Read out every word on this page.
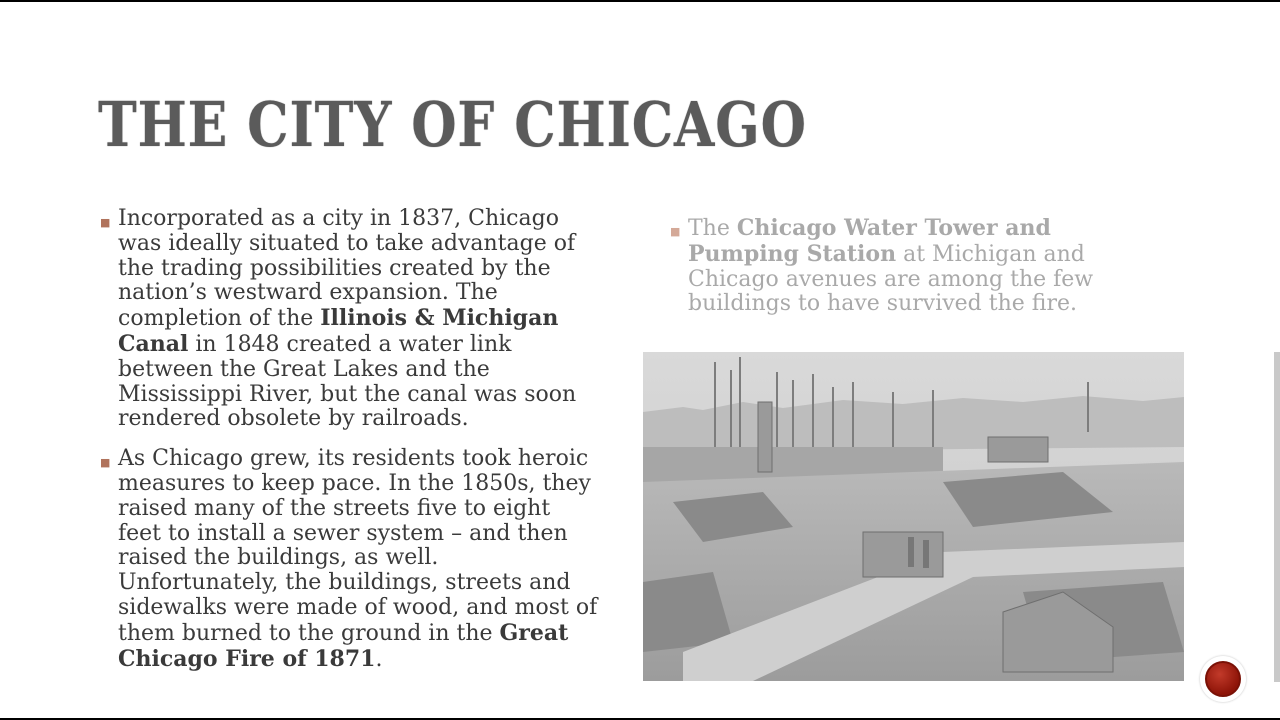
THE CITY OF CHICAGO
■ Incorporated as a city in 1837, Chicago was ideally situated to take advantage of the trading possibilities created by the nation’s westward expansion. The completion of the Illinois & Michigan Canal in 1848 created a water link between the Great Lakes and the Mississippi River, but the canal was soon rendered obsolete by railroads.
■ As Chicago grew, its residents took heroic measures to keep pace. In the 1850s, they raised many of the streets five to eight feet to install a sewer system – and then raised the buildings, as well. Unfortunately, the buildings, streets and sidewalks were made of wood, and most of them burned to the ground in the Great Chicago Fire of 1871.
■ The Chicago Water Tower and Pumping Station at Michigan and Chicago avenues are among the few buildings to have survived the fire.
